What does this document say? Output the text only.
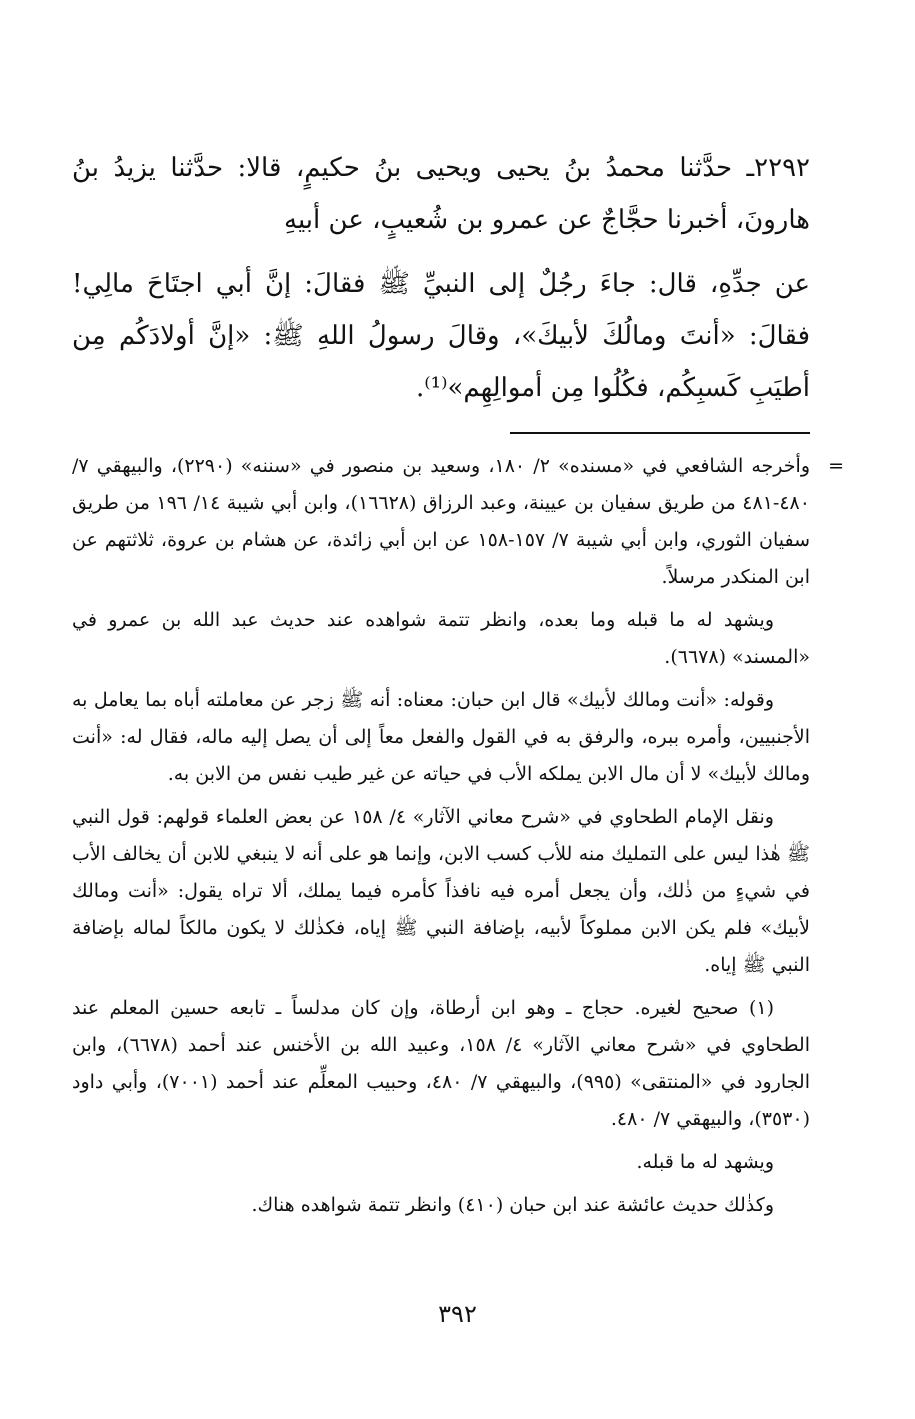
٢٢٩٢ـ حدَّثنا محمدُ بنُ يحيى ويحيى بنُ حكيمٍ، قالا: حدَّثنا يزيدُ بنُ هارونَ، أخبرنا حجَّاجٌ عن عمرو بن شُعيبٍ، عن أبيهِ

عن جدِّهِ، قال: جاءَ رجُلٌ إلى النبيِّ ﷺ فقالَ: إنَّ أبي اجتَاحَ مالِي! فقالَ: «أنتَ ومالُكَ لأبيكَ»، وقالَ رسولُ اللهِ ﷺ: «إنَّ أولادَكُم مِن أطيَبِ كَسبِكُم، فكُلُوا مِن أموالِهِم»⁽¹⁾.

=
وأخرجه الشافعي في «مسنده» ٢/ ١٨٠، وسعيد بن منصور في «سننه» (٢٢٩٠)، والبيهقي ٧/ ٤٨٠-٤٨١ من طريق سفيان بن عيينة، وعبد الرزاق (١٦٦٢٨)، وابن أبي شيبة ١٤/ ١٩٦ من طريق سفيان الثوري، وابن أبي شيبة ٧/ ١٥٧-١٥٨ عن ابن أبي زائدة، عن هشام بن عروة، ثلاثتهم عن ابن المنكدر مرسلاً.

ويشهد له ما قبله وما بعده، وانظر تتمة شواهده عند حديث عبد الله بن عمرو في «المسند» (٦٦٧٨).

وقوله: «أنت ومالك لأبيك» قال ابن حبان: معناه: أنه ﷺ زجر عن معاملته أباه بما يعامل به الأجنبيين، وأمره ببره، والرفق به في القول والفعل معاً إلى أن يصل إليه ماله، فقال له: «أنت ومالك لأبيك» لا أن مال الابن يملكه الأب في حياته عن غير طيب نفس من الابن به.

ونقل الإمام الطحاوي في «شرح معاني الآثار» ٤/ ١٥٨ عن بعض العلماء قولهم: قول النبي ﷺ هٰذا ليس على التمليك منه للأب كسب الابن، وإنما هو على أنه لا ينبغي للابن أن يخالف الأب في شيءٍ من ذٰلك، وأن يجعل أمره فيه نافذاً كأمره فيما يملك، ألا تراه يقول: «أنت ومالك لأبيك» فلم يكن الابن مملوكاً لأبيه، بإضافة النبي ﷺ إياه، فكذٰلك لا يكون مالكاً لماله بإضافة النبي ﷺ إياه.

(١) صحيح لغيره. حجاج ـ وهو ابن أرطاة، وإن كان مدلساً ـ تابعه حسين المعلم عند الطحاوي في «شرح معاني الآثار» ٤/ ١٥٨، وعبيد الله بن الأخنس عند أحمد (٦٦٧٨)، وابن الجارود في «المنتقى» (٩٩٥)، والبيهقي ٧/ ٤٨٠، وحبيب المعلِّم عند أحمد (٧٠٠١)، وأبي داود (٣٥٣٠)، والبيهقي ٧/ ٤٨٠.

ويشهد له ما قبله.

وكذٰلك حديث عائشة عند ابن حبان (٤١٠) وانظر تتمة شواهده هناك.

٣٩٢
